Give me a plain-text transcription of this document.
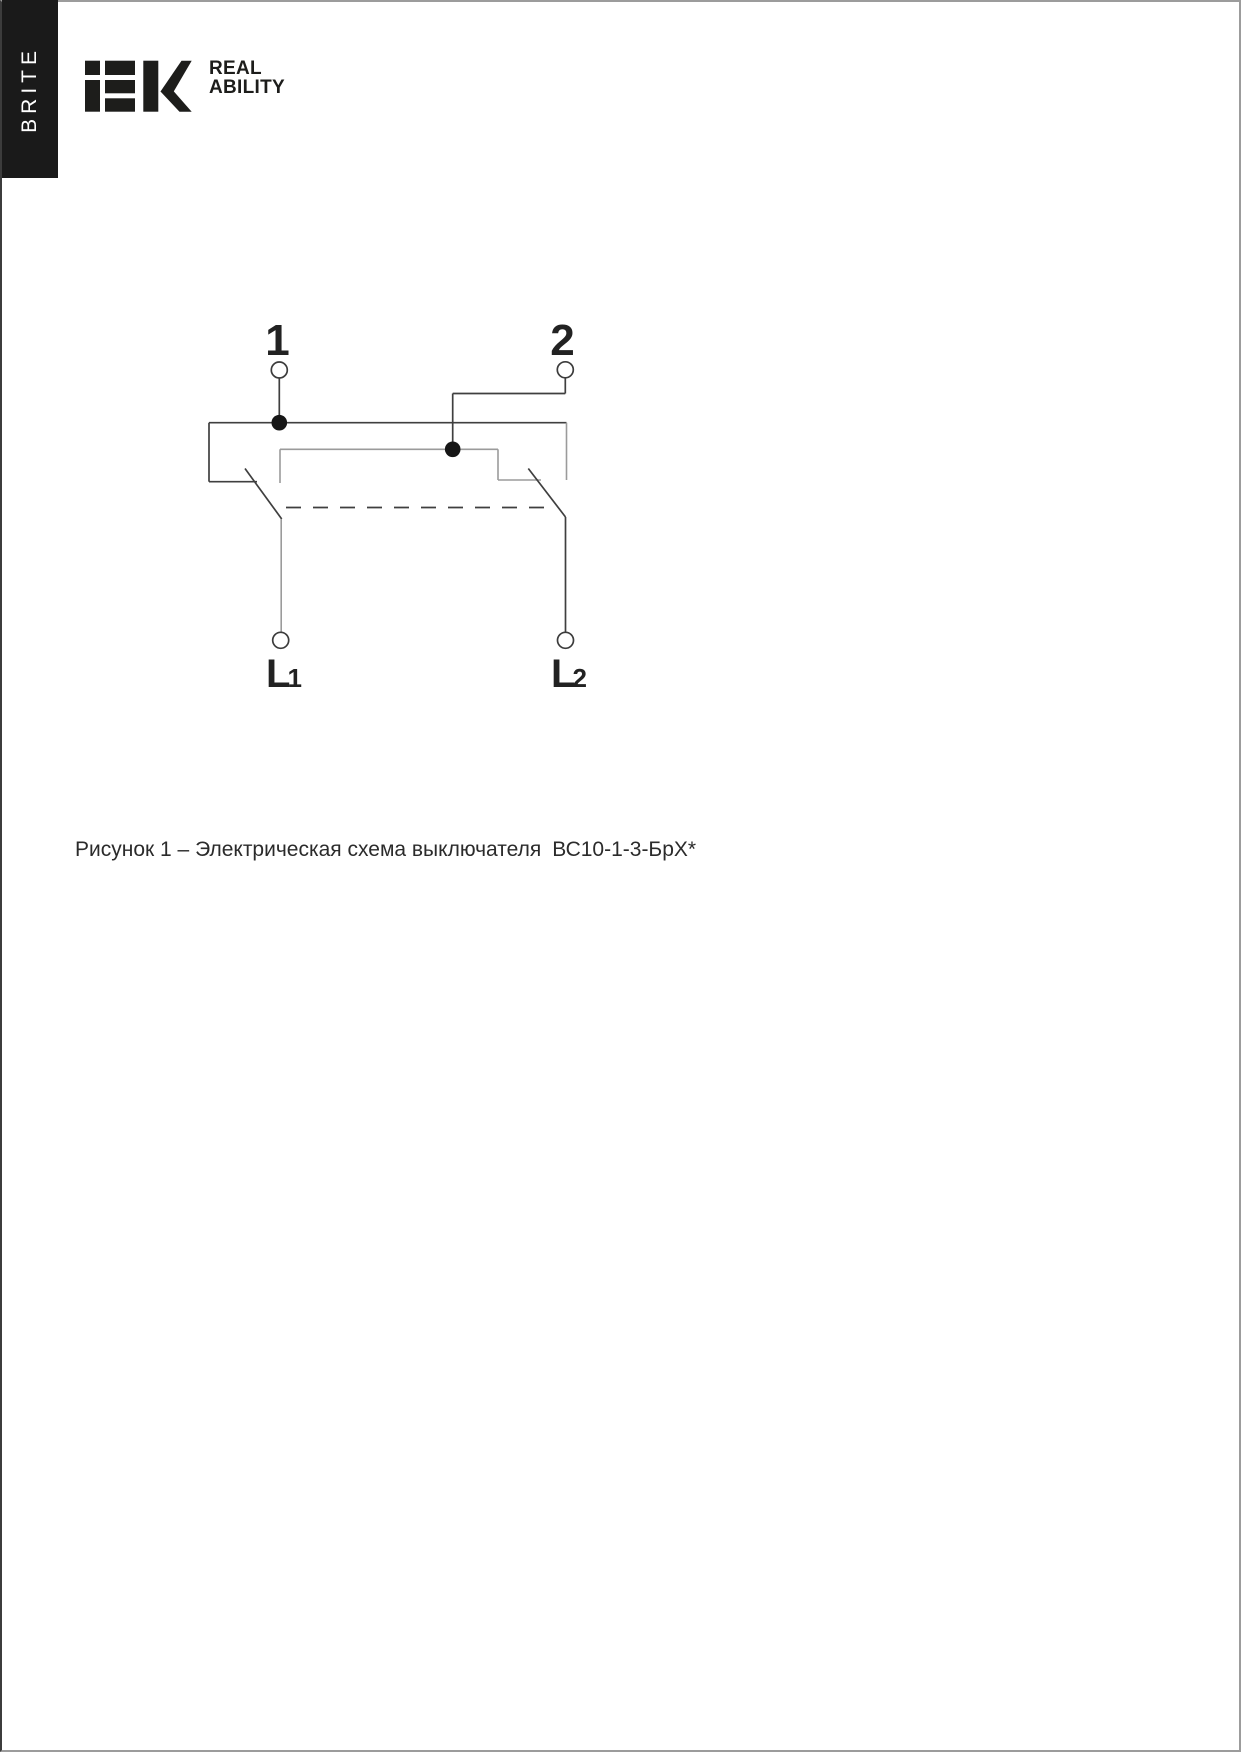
BRITE	REAL
ABILITY
1	2
L
1	L
2
Рисунок 1 – Электрическая схема выключателя ВС10-1-3-БрХ*
